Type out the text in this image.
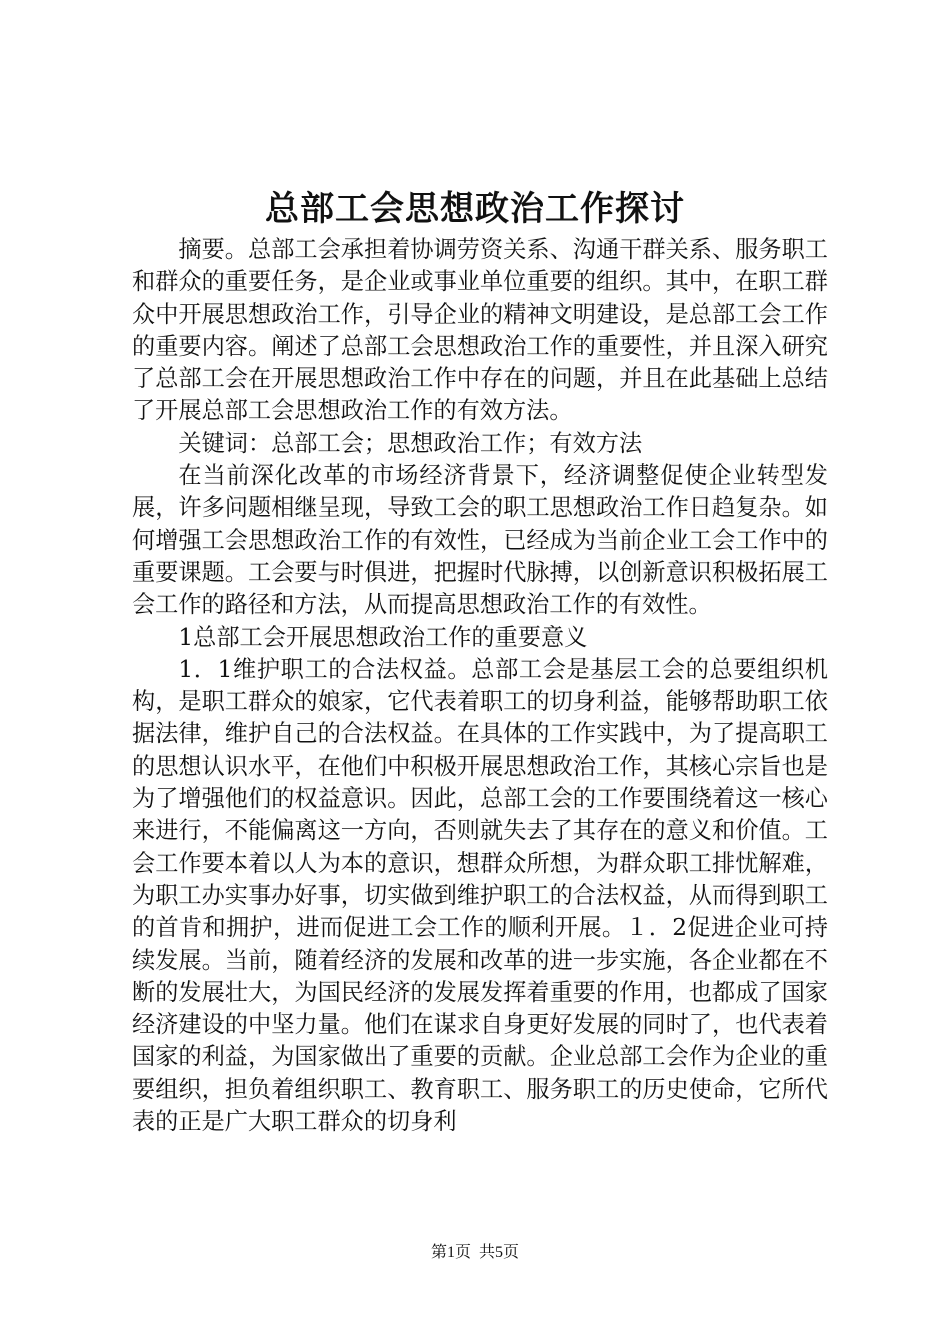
总部工会思想政治工作探讨

摘要。总部工会承担着协调劳资关系、沟通干群关系、服务职工和群众的重要任务，是企业或事业单位重要的组织。其中，在职工群众中开展思想政治工作，引导企业的精神文明建设，是总部工会工作的重要内容。阐述了总部工会思想政治工作的重要性，并且深入研究了总部工会在开展思想政治工作中存在的问题，并且在此基础上总结了开展总部工会思想政治工作的有效方法。

关键词：总部工会；思想政治工作；有效方法

在当前深化改革的市场经济背景下，经济调整促使企业转型发展，许多问题相继呈现，导致工会的职工思想政治工作日趋复杂。如何增强工会思想政治工作的有效性，已经成为当前企业工会工作中的重要课题。工会要与时俱进，把握时代脉搏，以创新意识积极拓展工会工作的路径和方法，从而提高思想政治工作的有效性。

1总部工会开展思想政治工作的重要意义

1．1维护职工的合法权益。总部工会是基层工会的总要组织机构，是职工群众的娘家，它代表着职工的切身利益，能够帮助职工依据法律，维护自己的合法权益。在具体的工作实践中，为了提高职工的思想认识水平，在他们中积极开展思想政治工作，其核心宗旨也是为了增强他们的权益意识。因此，总部工会的工作要围绕着这一核心来进行，不能偏离这一方向，否则就失去了其存在的意义和价值。工会工作要本着以人为本的意识，想群众所想，为群众职工排忧解难，为职工办实事办好事，切实做到维护职工的合法权益，从而得到职工的首肯和拥护，进而促进工会工作的顺利开展。１．2促进企业可持续发展。当前，随着经济的发展和改革的进一步实施，各企业都在不断的发展壮大，为国民经济的发展发挥着重要的作用，也都成了国家经济建设的中坚力量。他们在谋求自身更好发展的同时了，也代表着国家的利益，为国家做出了重要的贡献。企业总部工会作为企业的重要组织，担负着组织职工、教育职工、服务职工的历史使命，它所代表的正是广大职工群众的切身利

第1页  共5页
